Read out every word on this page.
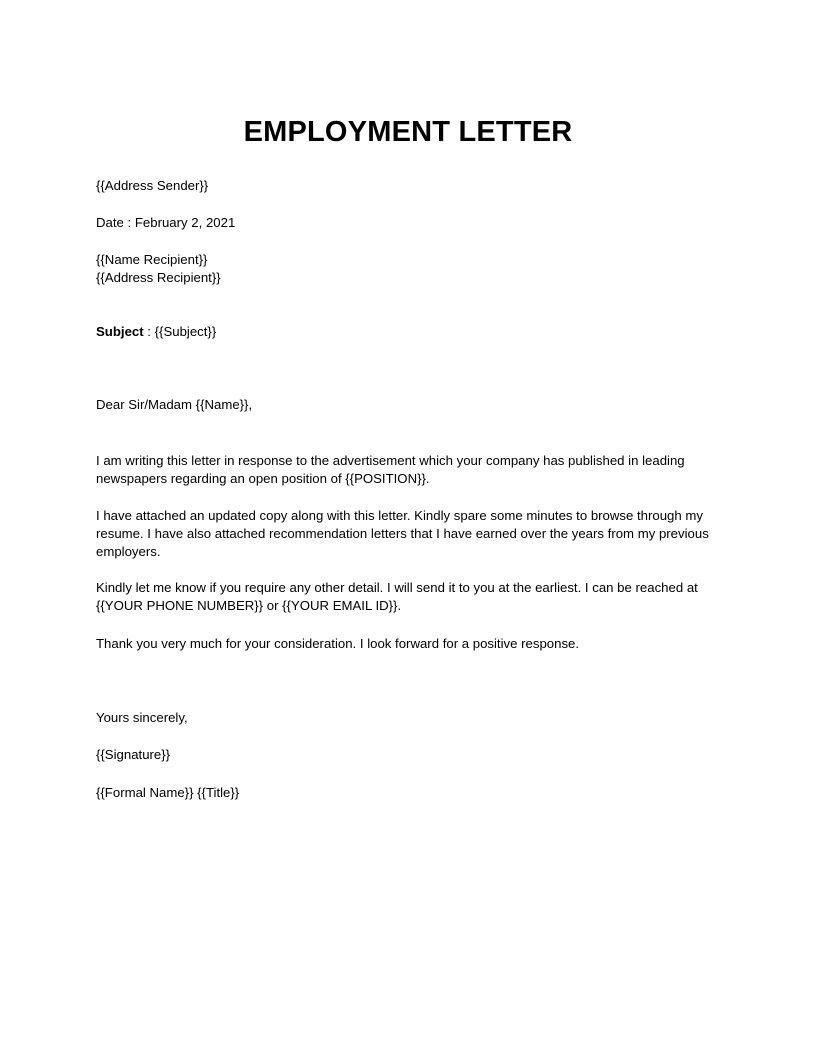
EMPLOYMENT LETTER

{{Address Sender}}

Date : February 2, 2021

{{Name Recipient}}

{{Address Recipient}}

Subject : {{Subject}}

Dear Sir/Madam {{Name}},

I am writing this letter in response to the advertisement which your company has published in leading newspapers regarding an open position of {{POSITION}}.

I have attached an updated copy along with this letter. Kindly spare some minutes to browse through my resume. I have also attached recommendation letters that I have earned over the years from my previous employers.

Kindly let me know if you require any other detail. I will send it to you at the earliest. I can be reached at {{YOUR PHONE NUMBER}} or {{YOUR EMAIL ID}}.

Thank you very much for your consideration. I look forward for a positive response.

Yours sincerely,

{{Signature}}

{{Formal Name}} {{Title}}
